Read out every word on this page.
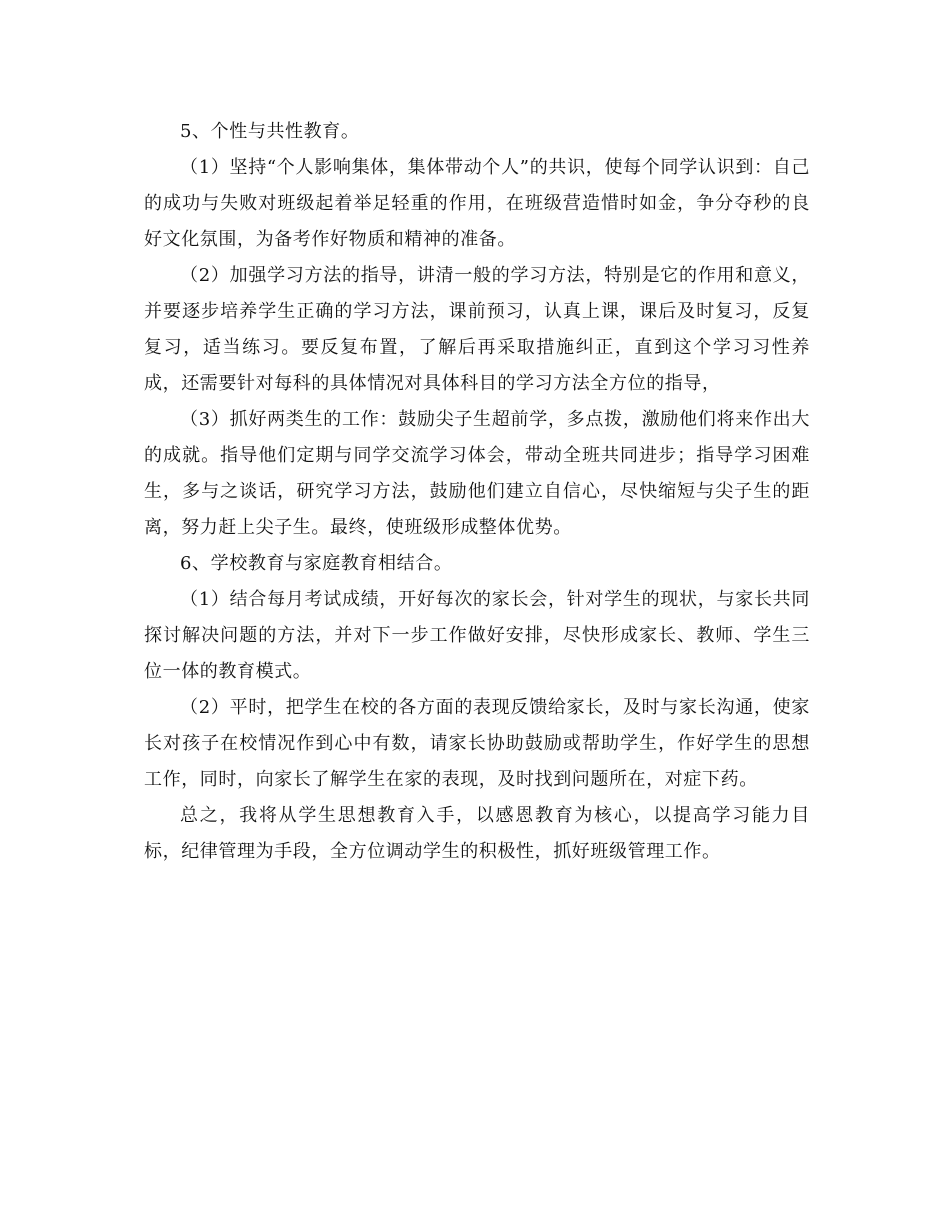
5、个性与共性教育。

（1）坚持“个人影响集体，集体带动个人”的共识，使每个同学认识到：自己的成功与失败对班级起着举足轻重的作用，在班级营造惜时如金，争分夺秒的良好文化氛围，为备考作好物质和精神的准备。

（2）加强学习方法的指导，讲清一般的学习方法，特别是它的作用和意义，并要逐步培养学生正确的学习方法，课前预习，认真上课，课后及时复习，反复复习，适当练习。要反复布置，了解后再采取措施纠正，直到这个学习习性养成，还需要针对每科的具体情况对具体科目的学习方法全方位的指导，

（3）抓好两类生的工作：鼓励尖子生超前学，多点拨，激励他们将来作出大的成就。指导他们定期与同学交流学习体会，带动全班共同进步；指导学习困难生，多与之谈话，研究学习方法，鼓励他们建立自信心，尽快缩短与尖子生的距离，努力赶上尖子生。最终，使班级形成整体优势。

6、学校教育与家庭教育相结合。

（1）结合每月考试成绩，开好每次的家长会，针对学生的现状，与家长共同探讨解决问题的方法，并对下一步工作做好安排，尽快形成家长、教师、学生三位一体的教育模式。

（2）平时，把学生在校的各方面的表现反馈给家长，及时与家长沟通，使家长对孩子在校情况作到心中有数，请家长协助鼓励或帮助学生，作好学生的思想工作，同时，向家长了解学生在家的表现，及时找到问题所在，对症下药。

总之，我将从学生思想教育入手，以感恩教育为核心，以提高学习能力目标，纪律管理为手段，全方位调动学生的积极性，抓好班级管理工作。
